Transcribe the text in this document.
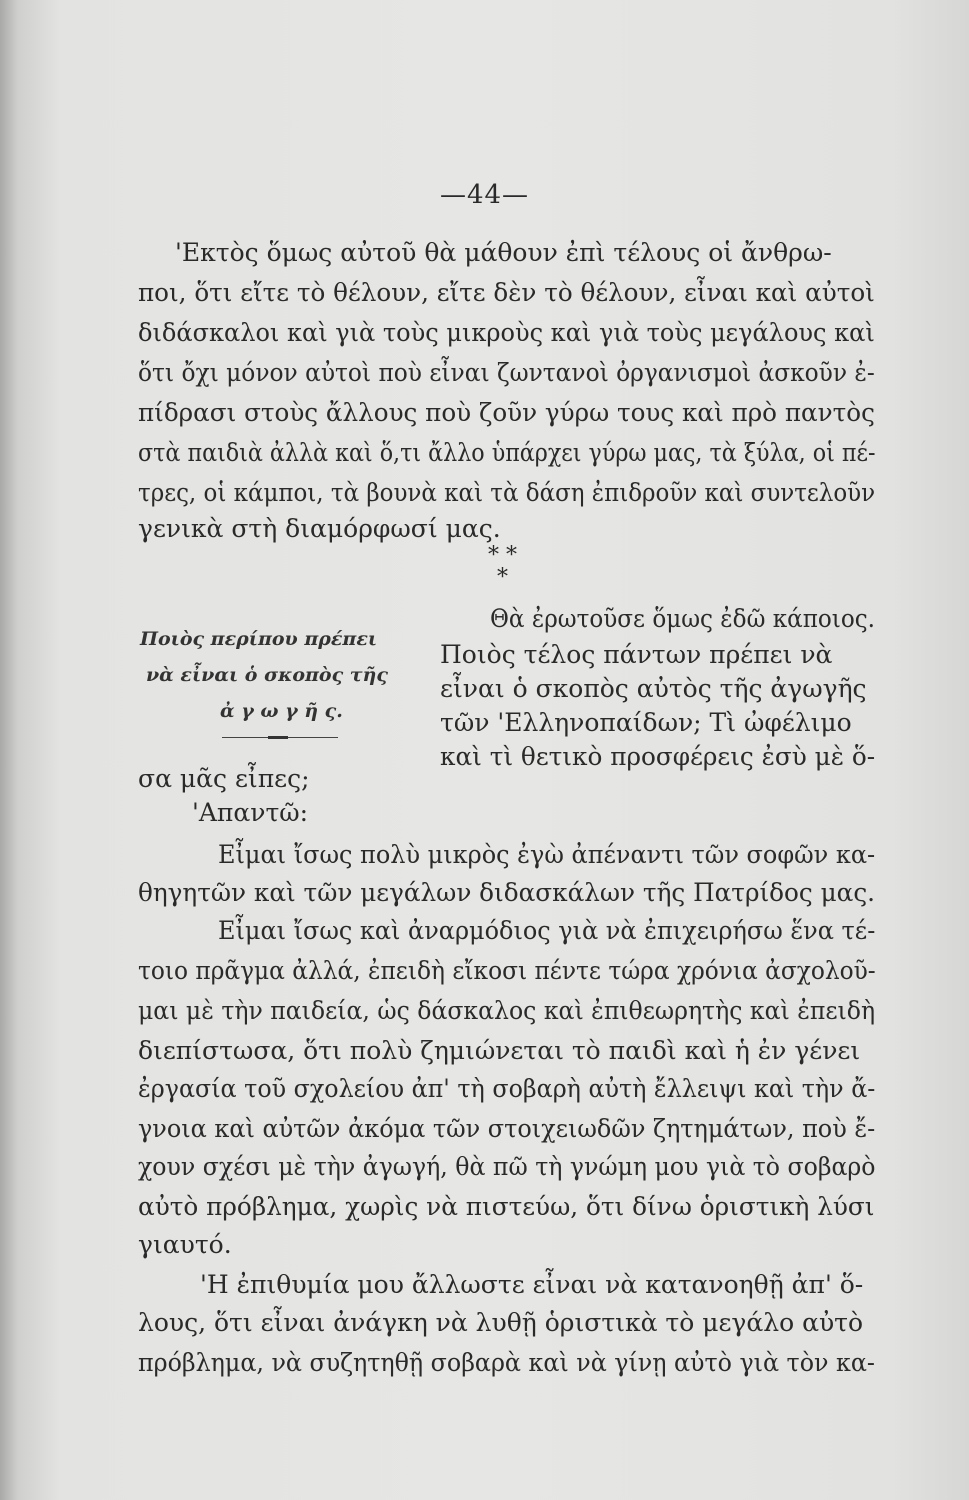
—44—
'Εκτὸς ὅμως αὐτοῦ θὰ μάθουν ἐπὶ τέλους οἱ ἄνθρω-
ποι, ὅτι εἴτε τὸ θέλουν, εἴτε δὲν τὸ θέλουν, εἶναι καὶ αὐτοὶ
διδάσκαλοι καὶ γιὰ τοὺς μικροὺς καὶ γιὰ τοὺς μεγάλους καὶ
ὅτι ὄχι μόνον αὐτοὶ ποὺ εἶναι ζωντανοὶ ὀργανισμοὶ ἀσκοῦν ἐ-
πίδρασι στοὺς ἄλλους ποὺ ζοῦν γύρω τους καὶ πρὸ παντὸς
στὰ παιδιὰ ἀλλὰ καὶ ὅ,τι ἄλλο ὑπάρχει γύρω μας, τὰ ξύλα, οἱ πέ-
τρες, οἱ κάμποι, τὰ βουνὰ καὶ τὰ δάση ἐπιδροῦν καὶ συντελοῦν
γενικὰ στὴ διαμόρφωσί μας.
* *
*
Ποιὸς περίπου πρέπει
νὰ εἶναι ὁ σκοπὸς τῆς
ἀ γ ω γ ῆ ς.
Θὰ ἐρωτοῦσε ὅμως ἐδῶ κάποιος.
Ποιὸς τέλος πάντων πρέπει νὰ
εἶναι ὁ σκοπὸς αὐτὸς τῆς ἀγωγῆς
τῶν 'Ελληνοπαίδων; Τὶ ὠφέλιμο
καὶ τὶ θετικὸ προσφέρεις ἐσὺ μὲ ὅ-
σα μᾶς εἶπες;
'Απαντῶ:
Εἶμαι ἴσως πολὺ μικρὸς ἐγὼ ἀπέναντι τῶν σοφῶν κα-
θηγητῶν καὶ τῶν μεγάλων διδασκάλων τῆς Πατρίδος μας.
Εἶμαι ἴσως καὶ ἀναρμόδιος γιὰ νὰ ἐπιχειρήσω ἕνα τέ-
τοιο πρᾶγμα ἀλλά, ἐπειδὴ εἴκοσι πέντε τώρα χρόνια ἀσχολοῦ-
μαι μὲ τὴν παιδεία, ὡς δάσκαλος καὶ ἐπιθεωρητὴς καὶ ἐπειδὴ
διεπίστωσα, ὅτι πολὺ ζημιώνεται τὸ παιδὶ καὶ ἡ ἐν γένει
ἐργασία τοῦ σχολείου ἀπ' τὴ σοβαρὴ αὐτὴ ἔλλειψι καὶ τὴν ἄ-
γνοια καὶ αὐτῶν ἀκόμα τῶν στοιχειωδῶν ζητημάτων, ποὺ ἔ-
χουν σχέσι μὲ τὴν ἀγωγή, θὰ πῶ τὴ γνώμη μου γιὰ τὸ σοβαρὸ
αὐτὸ πρόβλημα, χωρὶς νὰ πιστεύω, ὅτι δίνω ὁριστικὴ λύσι
γιαυτό.
'Η ἐπιθυμία μου ἄλλωστε εἶναι νὰ κατανοηθῇ ἀπ' ὅ-
λους, ὅτι εἶναι ἀνάγκη νὰ λυθῇ ὁριστικὰ τὸ μεγάλο αὐτὸ
πρόβλημα, νὰ συζητηθῇ σοβαρὰ καὶ νὰ γίνῃ αὐτὸ γιὰ τὸν κα-
